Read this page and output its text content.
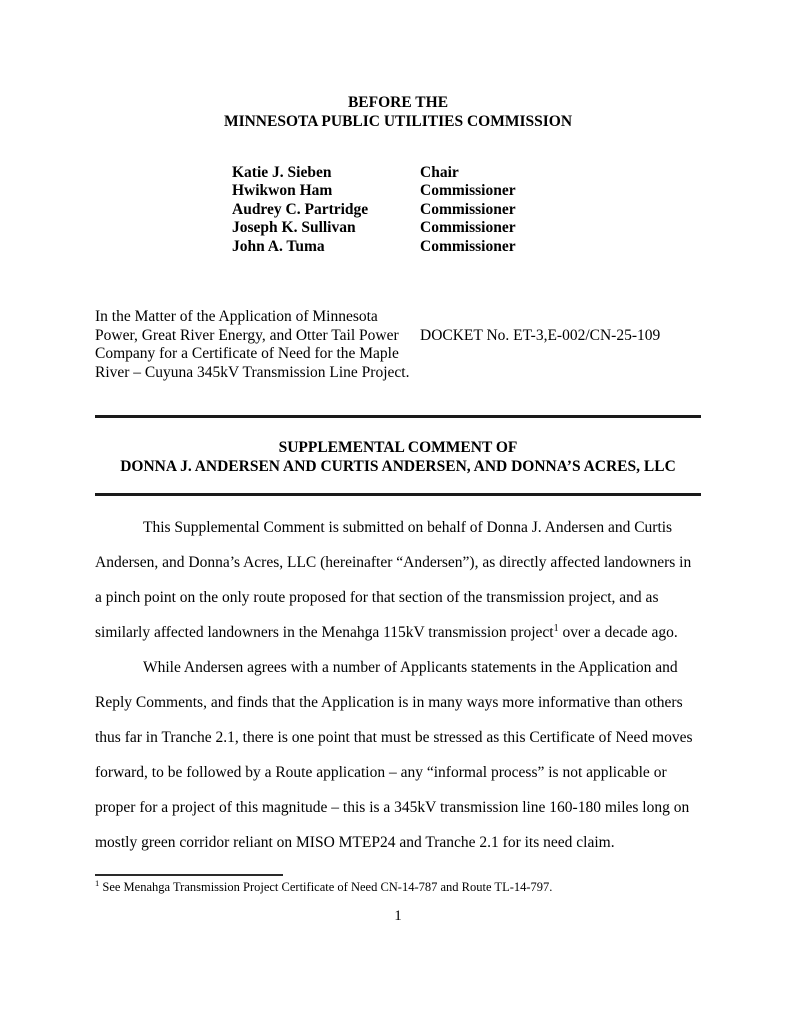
BEFORE THE
MINNESOTA PUBLIC UTILITIES COMMISSION
Katie J. Sieben	Chair
Hwikwon Ham	Commissioner
Audrey C. Partridge	Commissioner
Joseph K. Sullivan	Commissioner
John A. Tuma	Commissioner
In the Matter of the Application of Minnesota Power, Great River Energy, and Otter Tail Power Company for a Certificate of Need for the Maple River – Cuyuna 345kV Transmission Line Project.
DOCKET No. ET-3,E-002/CN-25-109
SUPPLEMENTAL COMMENT OF
DONNA J. ANDERSEN AND CURTIS ANDERSEN, AND DONNA’S ACRES, LLC

This Supplemental Comment is submitted on behalf of Donna J. Andersen and Curtis Andersen, and Donna’s Acres, LLC (hereinafter “Andersen”), as directly affected landowners in a pinch point on the only route proposed for that section of the transmission project, and as similarly affected landowners in the Menahga 115kV transmission project$^1$ over a decade ago.

While Andersen agrees with a number of Applicants statements in the Application and Reply Comments, and finds that the Application is in many ways more informative than others thus far in Tranche 2.1, there is one point that must be stressed as this Certificate of Need moves forward, to be followed by a Route application – any “informal process” is not applicable or proper for a project of this magnitude – this is a 345kV transmission line 160-180 miles long on mostly green corridor reliant on MISO MTEP24 and Tranche 2.1 for its need claim.

$^1$ See Menahga Transmission Project Certificate of Need CN-14-787 and Route TL-14-797.
1
